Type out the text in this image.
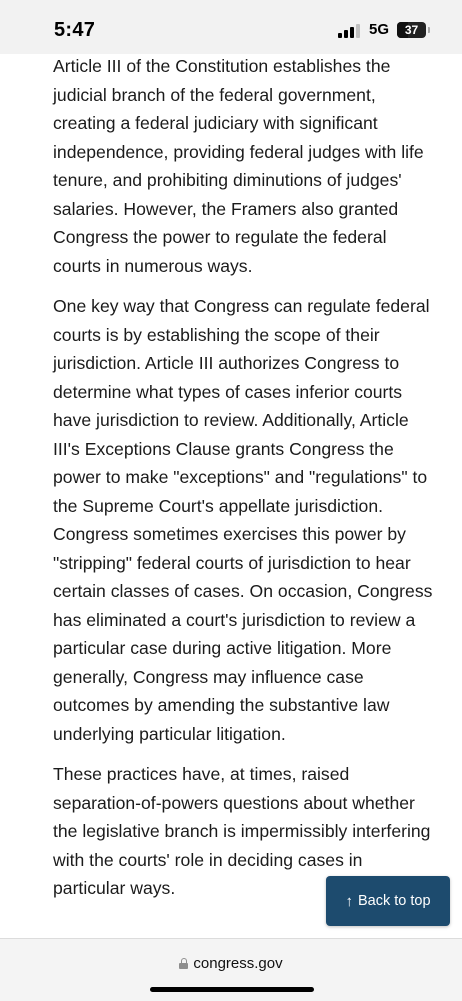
5:47	5G	37

Article III of the Constitution establishes the judicial branch of the federal government, creating a federal judiciary with significant independence, providing federal judges with life tenure, and prohibiting diminutions of judges' salaries. However, the Framers also granted Congress the power to regulate the federal courts in numerous ways.

One key way that Congress can regulate federal courts is by establishing the scope of their jurisdiction. Article III authorizes Congress to determine what types of cases inferior courts have jurisdiction to review. Additionally, Article III's Exceptions Clause grants Congress the power to make "exceptions" and "regulations" to the Supreme Court's appellate jurisdiction. Congress sometimes exercises this power by "stripping" federal courts of jurisdiction to hear certain classes of cases. On occasion, Congress has eliminated a court's jurisdiction to review a particular case during active litigation. More generally, Congress may influence case outcomes by amending the substantive law underlying particular litigation.

These practices have, at times, raised separation-of-powers questions about whether the legislative branch is impermissibly interfering with the courts' role in deciding cases in particular ways.

↑ Back to top
congress.gov
